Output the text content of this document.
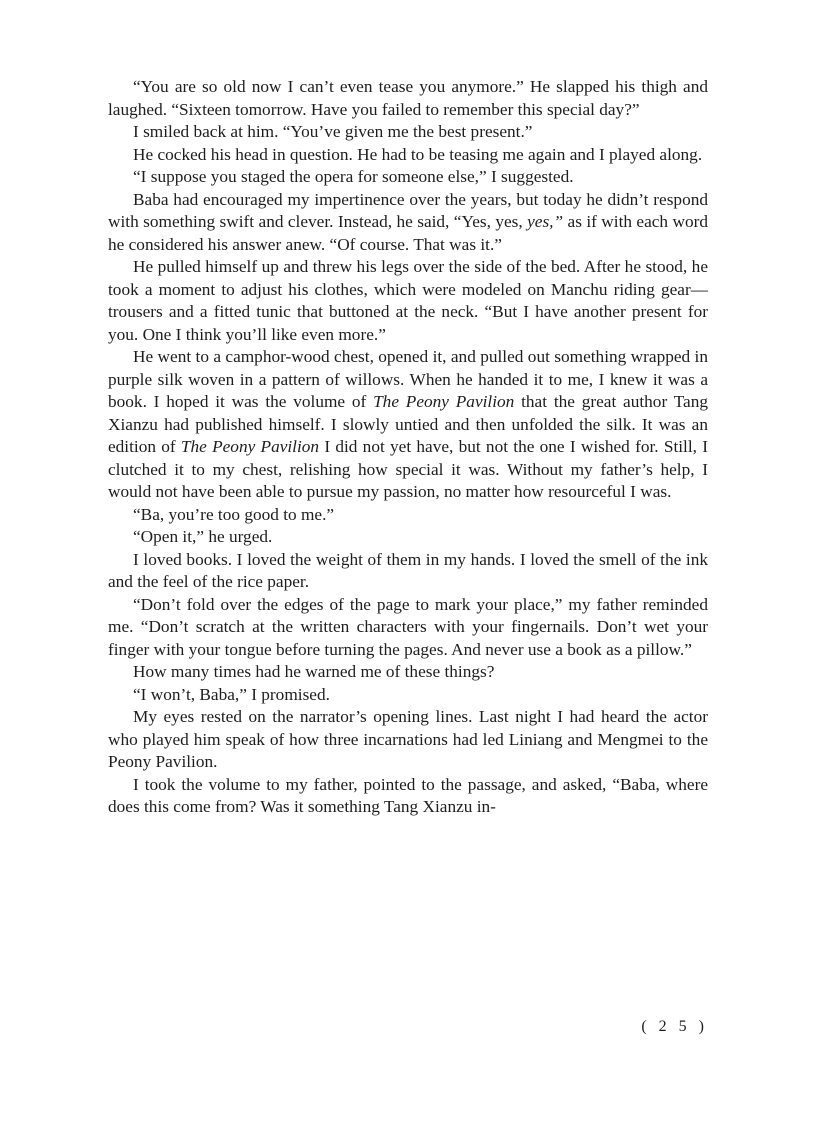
“You are so old now I can’t even tease you anymore.” He slapped his thigh and laughed. “Sixteen tomorrow. Have you failed to remember this special day?”

I smiled back at him. “You’ve given me the best present.”

He cocked his head in question. He had to be teasing me again and I played along.

“I suppose you staged the opera for someone else,” I suggested.

Baba had encouraged my impertinence over the years, but today he didn’t respond with something swift and clever. Instead, he said, “Yes, yes, yes,” as if with each word he considered his answer anew. “Of course. That was it.”

He pulled himself up and threw his legs over the side of the bed. After he stood, he took a moment to adjust his clothes, which were modeled on Manchu riding gear—trousers and a fitted tunic that buttoned at the neck. “But I have another present for you. One I think you’ll like even more.”

He went to a camphor-wood chest, opened it, and pulled out something wrapped in purple silk woven in a pattern of willows. When he handed it to me, I knew it was a book. I hoped it was the volume of The Peony Pavilion that the great author Tang Xianzu had published himself. I slowly untied and then unfolded the silk. It was an edition of The Peony Pavilion I did not yet have, but not the one I wished for. Still, I clutched it to my chest, relishing how special it was. Without my father’s help, I would not have been able to pursue my passion, no matter how resourceful I was.

“Ba, you’re too good to me.”

“Open it,” he urged.

I loved books. I loved the weight of them in my hands. I loved the smell of the ink and the feel of the rice paper.

“Don’t fold over the edges of the page to mark your place,” my father reminded me. “Don’t scratch at the written characters with your fingernails. Don’t wet your finger with your tongue before turning the pages. And never use a book as a pillow.”

How many times had he warned me of these things?

“I won’t, Baba,” I promised.

My eyes rested on the narrator’s opening lines. Last night I had heard the actor who played him speak of how three incarnations had led Liniang and Mengmei to the Peony Pavilion.

I took the volume to my father, pointed to the passage, and asked, “Baba, where does this come from? Was it something Tang Xianzu in-

( 2 5 )
